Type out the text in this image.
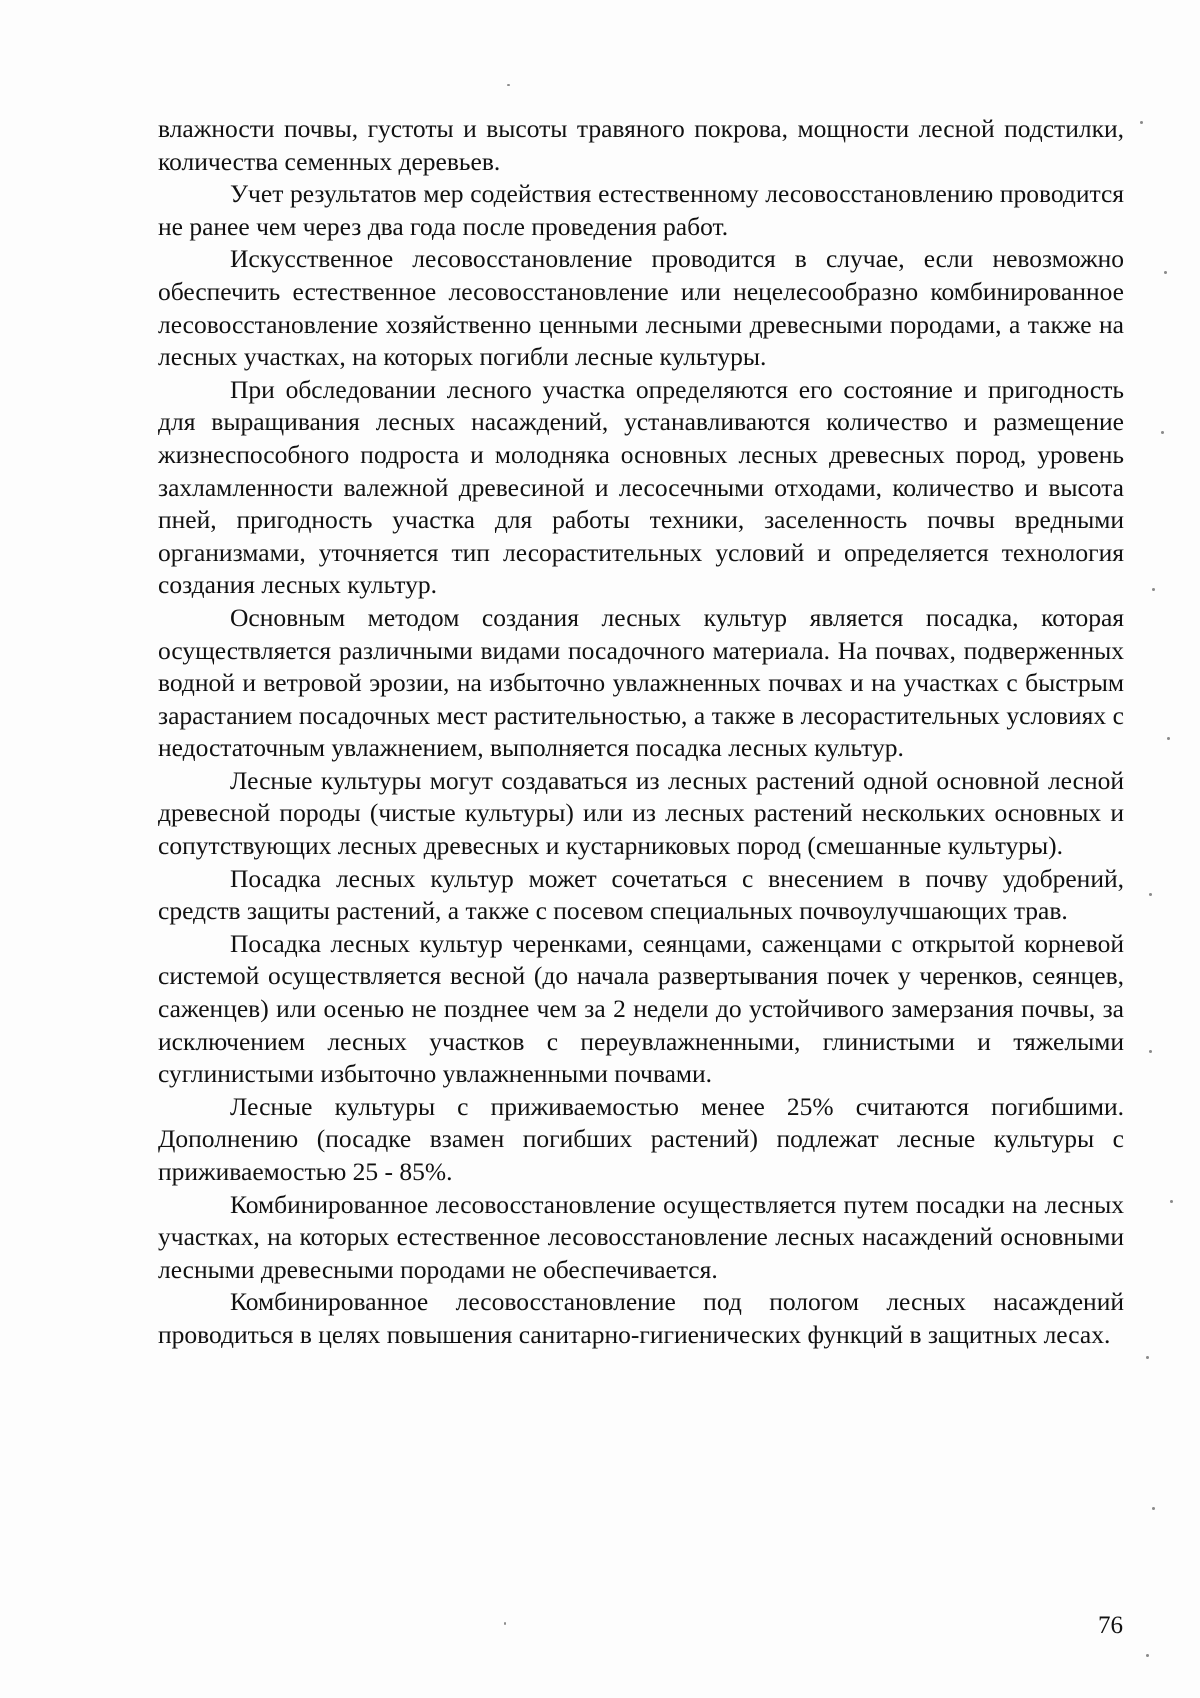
влажности почвы, густоты и высоты травяного покрова, мощности лесной подстилки, количества семенных деревьев.

Учет результатов мер содействия естественному лесовосстановлению проводится не ранее чем через два года после проведения работ.

Искусственное лесовосстановление проводится в случае, если невозможно обеспечить естественное лесовосстановление или нецелесообразно комбинированное лесовосстановление хозяйственно ценными лесными древесными породами, а также на лесных участках, на которых погибли лесные культуры.

При обследовании лесного участка определяются его состояние и пригодность для выращивания лесных насаждений, устанавливаются количество и размещение жизнеспособного подроста и молодняка основных лесных древесных пород, уровень захламленности валежной древесиной и лесосечными отходами, количество и высота пней, пригодность участка для работы техники, заселенность почвы вредными организмами, уточняется тип лесорастительных условий и определяется технология создания лесных культур.

Основным методом создания лесных культур является посадка, которая осуществляется различными видами посадочного материала. На почвах, подверженных водной и ветровой эрозии, на избыточно увлажненных почвах и на участках с быстрым зарастанием посадочных мест растительностью, а также в лесорастительных условиях с недостаточным увлажнением, выполняется посадка лесных культур.

Лесные культуры могут создаваться из лесных растений одной основной лесной древесной породы (чистые культуры) или из лесных растений нескольких основных и сопутствующих лесных древесных и кустарниковых пород (смешанные культуры).

Посадка лесных культур может сочетаться с внесением в почву удобрений, средств защиты растений, а также с посевом специальных почвоулучшающих трав.

Посадка лесных культур черенками, сеянцами, саженцами с открытой корневой системой осуществляется весной (до начала развертывания почек у черенков, сеянцев, саженцев) или осенью не позднее чем за 2 недели до устойчивого замерзания почвы, за исключением лесных участков с переувлажненными, глинистыми и тяжелыми суглинистыми избыточно увлажненными почвами.

Лесные культуры с приживаемостью менее 25% считаются погибшими. Дополнению (посадке взамен погибших растений) подлежат лесные культуры с приживаемостью 25 - 85%.

Комбинированное лесовосстановление осуществляется путем посадки на лесных участках, на которых естественное лесовосстановление лесных насаждений основными лесными древесными породами не обеспечивается.

Комбинированное лесовосстановление под пологом лесных насаждений проводиться в целях повышения санитарно-гигиенических функций в защитных лесах.

76
